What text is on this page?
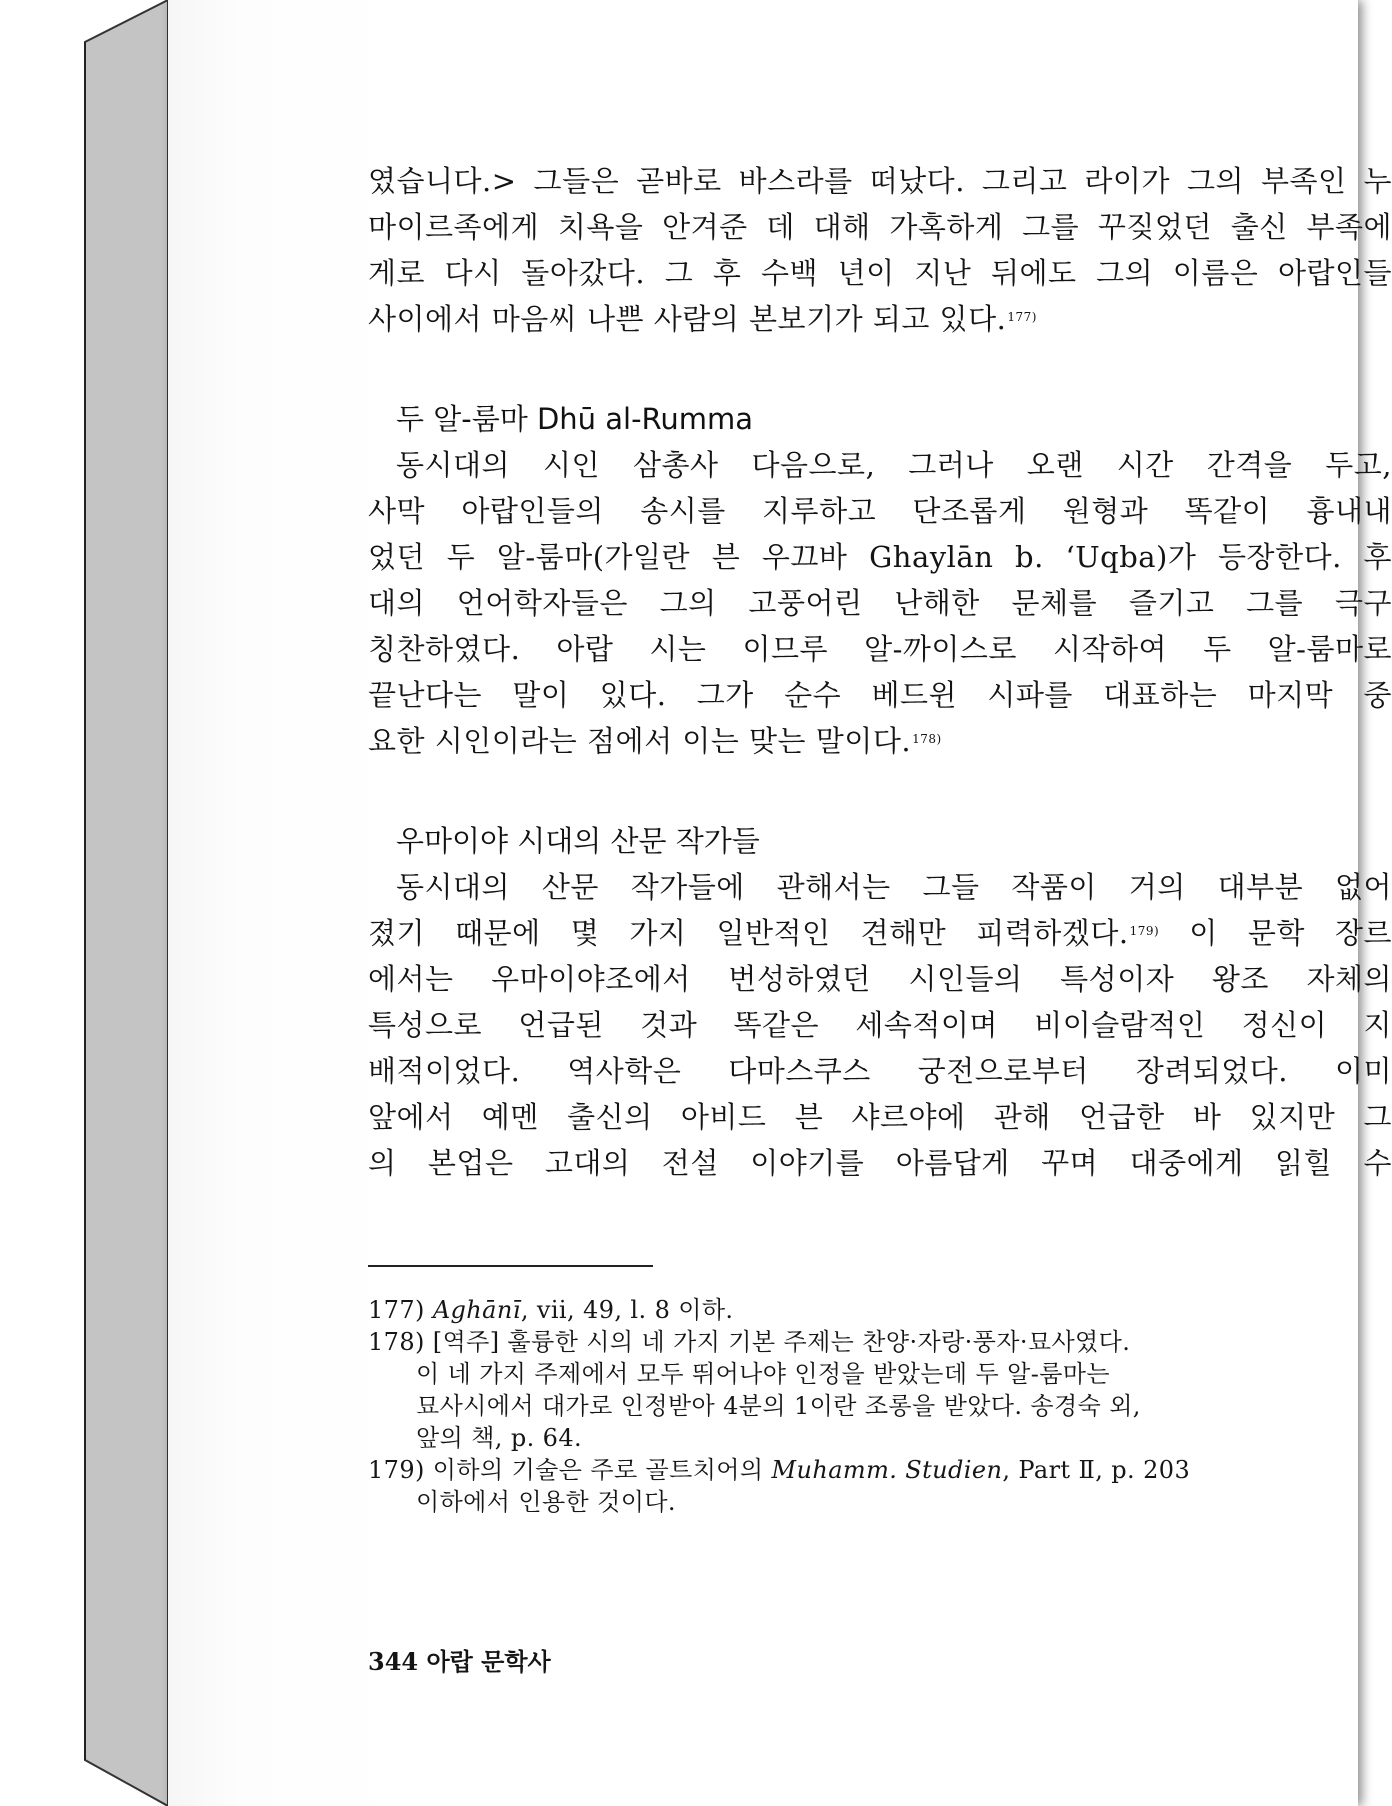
였습니다.> 그들은 곧바로 바스라를 떠났다. 그리고 라이가 그의 부족인 누
마이르족에게 치욕을 안겨준 데 대해 가혹하게 그를 꾸짖었던 출신 부족에
게로 다시 돌아갔다. 그 후 수백 년이 지난 뒤에도 그의 이름은 아랍인들
사이에서 마음씨 나쁜 사람의 본보기가 되고 있다.$^{177)}$
두 알-룸마 Dhū al-Rumma
동시대의 시인 삼총사 다음으로, 그러나 오랜 시간 간격을 두고,
사막 아랍인들의 송시를 지루하고 단조롭게 원형과 똑같이 흉내내
었던 두 알-룸마(가일란 븐 우끄바 Ghaylān b. ‘Uqba)가 등장한다. 후
대의 언어학자들은 그의 고풍어린 난해한 문체를 즐기고 그를 극구
칭찬하였다. 아랍 시는 이므루 알-까이스로 시작하여 두 알-룸마로
끝난다는 말이 있다. 그가 순수 베드윈 시파를 대표하는 마지막 중
요한 시인이라는 점에서 이는 맞는 말이다.$^{178)}$
우마이야 시대의 산문 작가들
동시대의 산문 작가들에 관해서는 그들 작품이 거의 대부분 없어
졌기 때문에 몇 가지 일반적인 견해만 피력하겠다.$^{179)}$ 이 문학 장르
에서는 우마이야조에서 번성하였던 시인들의 특성이자 왕조 자체의
특성으로 언급된 것과 똑같은 세속적이며 비이슬람적인 정신이 지
배적이었다. 역사학은 다마스쿠스 궁전으로부터 장려되었다. 이미
앞에서 예멘 출신의 아비드 븐 샤르야에 관해 언급한 바 있지만 그
의 본업은 고대의 전설 이야기를 아름답게 꾸며 대중에게 읽힐 수
177) Aghānī, vii, 49, l. 8 이하.
178) [역주] 훌륭한 시의 네 가지 기본 주제는 찬양·자랑·풍자·묘사였다.
이 네 가지 주제에서 모두 뛰어나야 인정을 받았는데 두 알-룸마는
묘사시에서 대가로 인정받아 4분의 1이란 조롱을 받았다. 송경숙 외,
앞의 책, p. 64.
179) 이하의 기술은 주로 골트치어의 Muhamm. Studien, Part Ⅱ, p. 203
이하에서 인용한 것이다.
344 아랍 문학사
